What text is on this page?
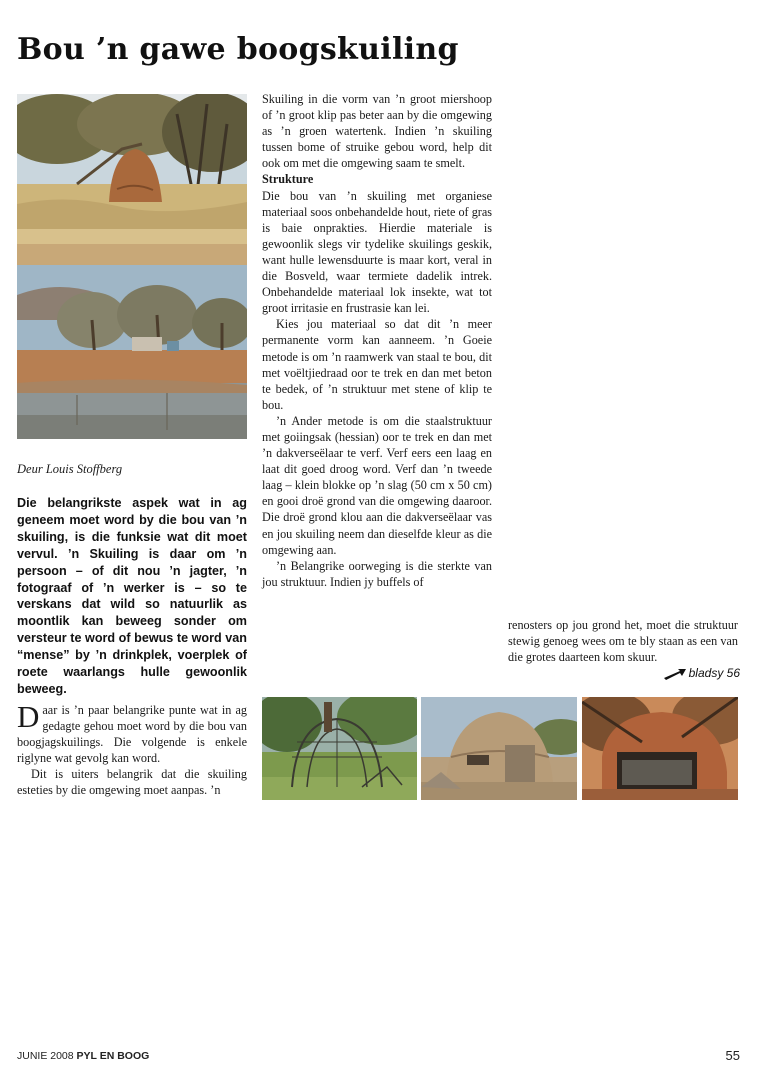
Bou ’n gawe boogskuiling
Deur Louis Stoffberg
Die belangrikste aspek wat in ag geneem moet word by die bou van ’n skuiling, is die funksie wat dit moet vervul. ’n Skuiling is daar om ’n persoon – of dit nou ’n jagter, ’n fotograaf of ’n werker is – so te verskans dat wild so natuurlik as moontlik kan beweeg sonder om versteur te word of bewus te word van “mense” by ’n drinkplek, voerplek of roete waarlangs hulle gewoonlik beweeg.

Skuiling in die vorm van ’n groot miershoop of ’n groot klip pas beter aan by die omgewing as ’n groen watertenk. Indien ’n skuiling tussen bome of struike gebou word, help dit ook om met die omgewing saam te smelt.

Strukture

Die bou van ’n skuiling met organiese materiaal soos onbehandelde hout, riete of gras is baie onprakties. Hierdie materiale is gewoonlik slegs vir tydelike skuilings geskik, want hulle lewensduurte is maar kort, veral in die Bosveld, waar termiete dadelik intrek. Onbehandelde materiaal lok insekte, wat tot groot irritasie en frustrasie kan lei.

Kies jou materiaal so dat dit ’n meer permanente vorm kan aanneem. ’n Goeie metode is om ’n raamwerk van staal te bou, dit met voëltjiedraad oor te trek en dan met beton te bedek, of ’n struktuur met stene of klip te bou.

’n Ander metode is om die staalstruktuur met goiingsak (hessian) oor te trek en dan met ’n dakverseëlaar te verf. Verf eers een laag en laat dit goed droog word. Verf dan ’n tweede laag – klein blokke op ’n slag (50 cm x 50 cm) en gooi droë grond van die omgewing daaroor. Die droë grond klou aan die dakverseëlaar vas en jou skuiling neem dan dieselfde kleur as die omgewing aan.

’n Belangrike oorweging is die sterkte van jou struktuur. Indien jy buffels of

Daar is ’n paar belangrike punte wat in ag gedagte gehou moet word by die bou van boogjagskuilings. Die volgende is enkele riglyne wat gevolg kan word.

Dit is uiters belangrik dat die skuiling esteties by die omgewing moet aanpas. ’n

renosters op jou grond het, moet die struktuur stewig genoeg wees om te bly staan as een van die grotes daarteen kom skuur.

bladsy 56
JUNIE 2008 PYL EN BOOG	55
